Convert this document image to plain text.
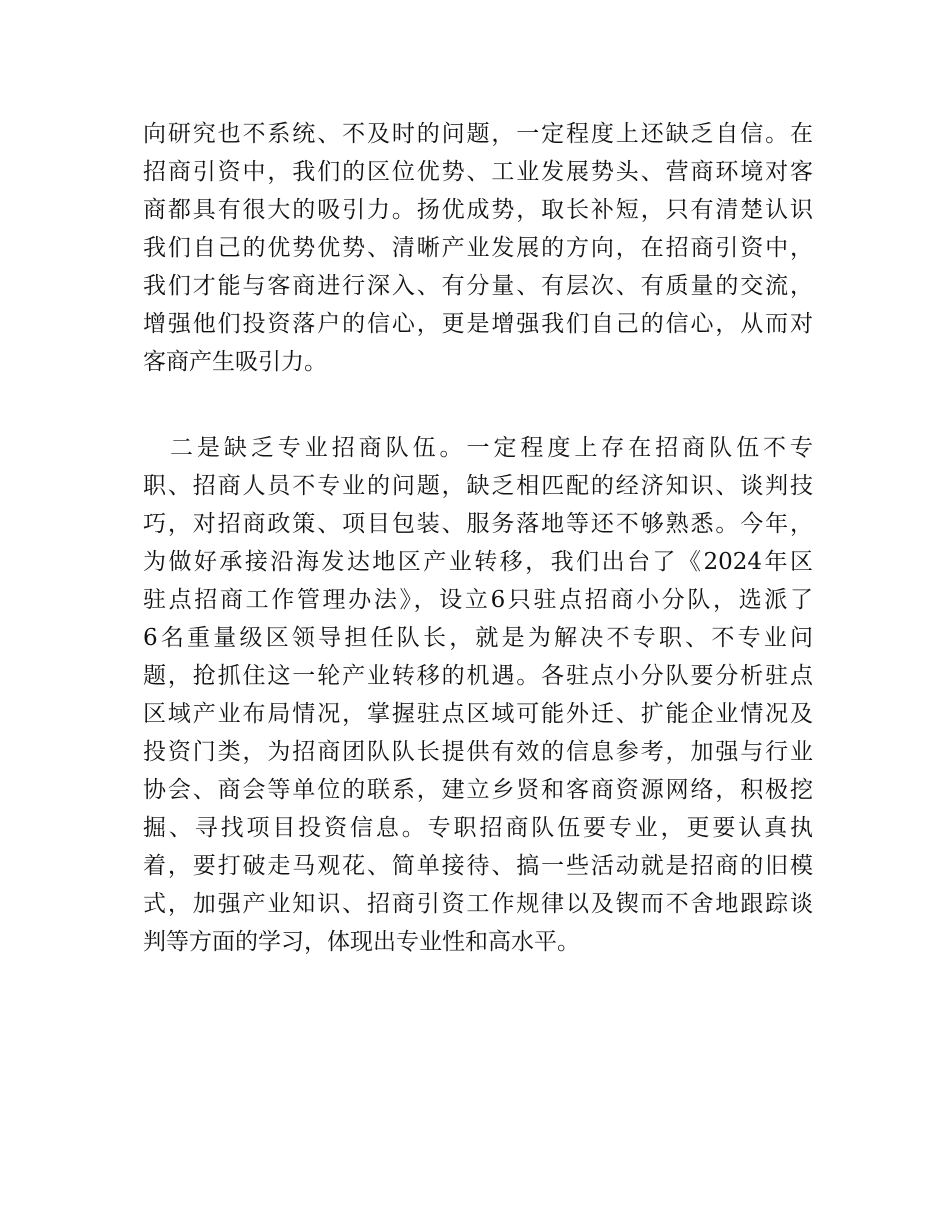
向研究也不系统、不及时的问题，一定程度上还缺乏自信。在
招商引资中，我们的区位优势、工业发展势头、营商环境对客
商都具有很大的吸引力。扬优成势，取长补短，只有清楚认识
我们自己的优势优势、清晰产业发展的方向，在招商引资中，
我们才能与客商进行深入、有分量、有层次、有质量的交流，
增强他们投资落户的信心，更是增强我们自己的信心，从而对
客商产生吸引力。
　二是缺乏专业招商队伍。一定程度上存在招商队伍不专
职、招商人员不专业的问题，缺乏相匹配的经济知识、谈判技
巧，对招商政策、项目包装、服务落地等还不够熟悉。今年，
为做好承接沿海发达地区产业转移，我们出台了《2024年区
驻点招商工作管理办法》，设立6只驻点招商小分队，选派了
6名重量级区领导担任队长，就是为解决不专职、不专业问
题，抢抓住这一轮产业转移的机遇。各驻点小分队要分析驻点
区域产业布局情况，掌握驻点区域可能外迁、扩能企业情况及
投资门类，为招商团队队长提供有效的信息参考，加强与行业
协会、商会等单位的联系，建立乡贤和客商资源网络，积极挖
掘、寻找项目投资信息。专职招商队伍要专业，更要认真执
着，要打破走马观花、简单接待、搞一些活动就是招商的旧模
式，加强产业知识、招商引资工作规律以及锲而不舍地跟踪谈
判等方面的学习，体现出专业性和高水平。
